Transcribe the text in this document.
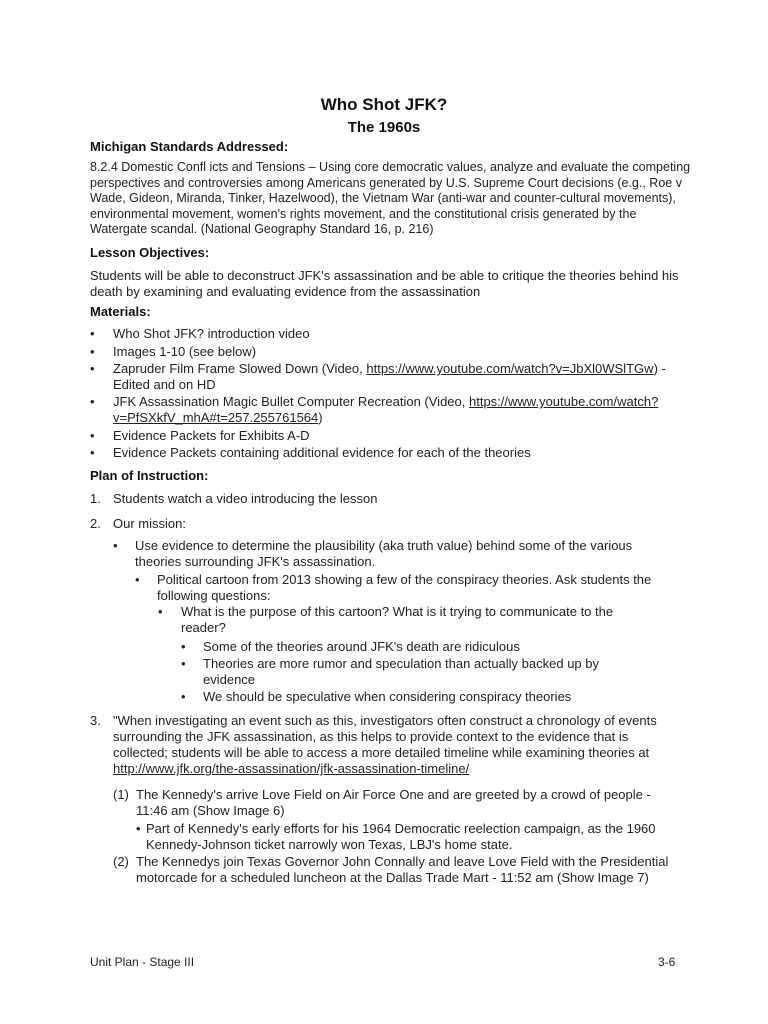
Who Shot JFK?
The 1960s
Michigan Standards Addressed:

8.2.4 Domestic Confl icts and Tensions – Using core democratic values, analyze and evaluate the competing perspectives and controversies among Americans generated by U.S. Supreme Court decisions (e.g., Roe v Wade, Gideon, Miranda, Tinker, Hazelwood), the Vietnam War (anti-war and counter-cultural movements), environmental movement, women's rights movement, and the constitutional crisis generated by the Watergate scandal. (National Geography Standard 16, p. 216)

Lesson Objectives:

Students will be able to deconstruct JFK's assassination and be able to critique the theories behind his death by examining and evaluating evidence from the assassination

Materials:
• Who Shot JFK? introduction video
• Images 1-10 (see below)
• Zapruder Film Frame Slowed Down (Video, https://www.youtube.com/watch?v=JbXl0WSlTGw) - Edited and on HD
• JFK Assassination Magic Bullet Computer Recreation (Video, https://www.youtube.com/watch?v=PfSXkfV_mhA#t=257.255761564)
• Evidence Packets for Exhibits A-D
• Evidence Packets containing additional evidence for each of the theories
Plan of Instruction:
1. Students watch a video introducing the lesson
2. Our mission:
• Use evidence to determine the plausibility (aka truth value) behind some of the various theories surrounding JFK's assassination.
• Political cartoon from 2013 showing a few of the conspiracy theories. Ask students the following questions:
• What is the purpose of this cartoon? What is it trying to communicate to the reader?
• Some of the theories around JFK's death are ridiculous
• Theories are more rumor and speculation than actually backed up by evidence
• We should be speculative when considering conspiracy theories
3. "When investigating an event such as this, investigators often construct a chronology of events surrounding the JFK assassination, as this helps to provide context to the evidence that is collected; students will be able to access a more detailed timeline while examining theories at http://www.jfk.org/the-assassination/jfk-assassination-timeline/
(1) The Kennedy's arrive Love Field on Air Force One and are greeted by a crowd of people - 11:46 am (Show Image 6)
• Part of Kennedy's early efforts for his 1964 Democratic reelection campaign, as the 1960 Kennedy-Johnson ticket narrowly won Texas, LBJ's home state.
(2) The Kennedys join Texas Governor John Connally and leave Love Field with the Presidential motorcade for a scheduled luncheon at the Dallas Trade Mart - 11:52 am (Show Image 7)
Unit Plan - Stage III	3-6
